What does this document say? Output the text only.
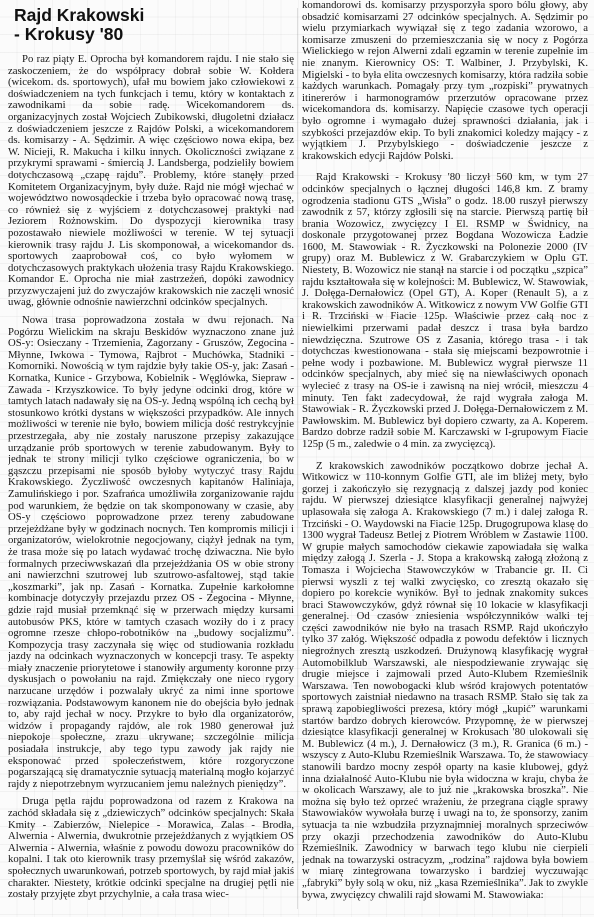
Rajd Krakowski
- Krokusy '80

Po raz piąty E. Oprocha był komandorem rajdu. I nie stało się zaskoczeniem, że do współpracy dobrał sobie W. Kołdera (wicekom. ds. sportowych), ufał mu bowiem jako człowiekowi z doświadczeniem na tych funkcjach i temu, który w kontaktach z zawodnikami da sobie radę. Wicekomandorem ds. organizacyjnych został Wojciech Zubikowski, długoletni działacz z doświadczeniem jeszcze z Rajdów Polski, a wicekomandorem ds. komisarzy - A. Sędzimir. A więc częściowo nowa ekipa, bez W. Nicieji, R. Makucha i kilku innych. Okoliczności związane z przykrymi sprawami - śmiercią J. Landsberga, podzieliły bowiem dotychczasową „czapę rajdu”. Problemy, które stanęły przed Komitetem Organizacyjnym, były duże. Rajd nie mógł wjechać w województwo nowosądeckie i trzeba było opracować nową trasę, co również się z wyjściem z dotychczasowej praktyki nad Jeziorem Rożnowskim. Do dyspozycji kierownika trasy pozostawało niewiele możliwości w terenie. W tej sytuacji kierownik trasy rajdu J. Lis skomponował, a wicekomandor ds. sportowych zaaprobował coś, co było wyłomem w dotychczasowych praktykach ułożenia trasy Rajdu Krakowskiego. Komandor E. Oprocha nie miał zastrzeżeń, dopóki zawodnicy przyzwyczajeni już do zwyczajów krakowskich nie zaczęli wnosić uwag, głównie odnośnie nawierzchni odcinków specjalnych.

Nowa trasa poprowadzona została w dwu rejonach. Na Pogórzu Wielickim na skraju Beskidów wyznaczono znane już OS-y: Osieczany - Trzemienia, Zagorzany - Gruszów, Zegocina - Młynne, Iwkowa - Tymowa, Rajbrot - Muchówka, Stadniki - Komorniki. Nowością w tym rajdzie były takie OS-y, jak: Zasań - Kornatka, Kunice - Grzybowa, Kobielnik - Węglówka, Siepraw - Zawada - Krzyszkowice. To były jedyne odcinki drog, które w tamtych latach nadawały się na OS-y. Jedną wspólną ich cechą był stosunkowo krótki dystans w większości przypadków. Ale innych możliwości w terenie nie było, bowiem milicja dość restrykcyjnie przestrzegała, aby nie zostały naruszone przepisy zakazujące urządzanie prób sportowych w terenie zabudowanym. Były to jednak te strony milicji tylko częściowe ograniczenia, bo w gąszczu przepisami nie sposób byłoby wytyczyć trasy Rajdu Krakowskiego. Życzliwość owczesnych kapitanów Haliniaja, Zamulińskiego i por. Szafrańca umożliwiła zorganizowanie rajdu pod warunkiem, że będzie on tak skomponowany w czasie, aby OS-y częściowo poprowadzone przez tereny zabudowane przejeżdżane były w godzinach nocnych. Ten kompromis milicji i organizatorów, wielokrotnie negocjowany, ciążył jednak na tym, że trasa może się po latach wydawać trochę dziwaczna. Nie było formalnych przeciwwskazań dla przejeżdżania OS w obie strony ani nawierzchni szutrowej lub szutrowo-asfaltowej, stąd takie „koszmarki”, jak np. Zasań - Kornatka. Zupełnie karkołomne kombinacje dotyczyły przejazdu przez OS - Zegocina - Młynne, gdzie rajd musiał przemknąć się w przerwach między kursami autobusów PKS, które w tamtych czasach woziły do i z pracy ogromne rzesze chłopo-robotników na „budowy socjalizmu”. Kompozycja trasy zaczynała się więc od studiowania rozkładu jazdy na odcinkach wyznaczonych w koncepcji trasy. Te aspekty miały znaczenie priorytetowe i stanowiły argumenty koronne przy dyskusjach o powołaniu na rajd. Zmiękczały one nieco rygory narzucane urzędów i pozwalały ukryć za nimi inne sportowe rozwiązania. Podstawowym kanonem nie do obejścia było jednak to, aby rajd jechał w nocy. Przykre to było dla organizatorów, widzów i propagandy rajdów, ale rok 1980 generował już niepokoje społeczne, zrazu ukrywane; szczególnie milicja posiadała instrukcje, aby tego typu zawody jak rajdy nie eksponować przed społeczeństwem, które rozgoryczone pogarszającą się dramatycznie sytuacją materialną mogło kojarzyć rajdy z niepotrzebnym wyrzucaniem jemu należnych pieniędzy”.

Druga pętla rajdu poprowadzona od razem z Krakowa na zachód składała się z „dziewiczych” odcinków specjalnych: Skała Kmity - Zabierzów, Nielepice - Morawica, Zalas - Brodła, Alwernia - Alwernia, dwukrotnie przejeżdżanych z wyjątkiem OS Alwernia - Alwernia, właśnie z powodu dowozu pracowników do kopalni. I tak oto kierownik trasy przemyślał się wśród zakazów, społecznych uwarunkowań, potrzeb sportowych, by rajd miał jakiś charakter. Niestety, krótkie odcinki specjalne na drugiej pętli nie zostały przyjęte zbyt przychylnie, a cała trasa wiec-

komandorowi ds. komisarzy przysporzyła sporo bólu głowy, aby obsadzić komisarzami 27 odcinków specjalnych. A. Sędzimir po wielu przymiarkach wywiązał się z tego zadania wzorowo, a komisarze zmuszeni do przemieszczania się w nocy z Pogórza Wielickiego w rejon Alwerni zdali egzamin w terenie zupełnie im nie znanym. Kierownicy OS: T. Walbiner, J. Przybylski, K. Migielski - to była elita owczesnych komisarzy, która radziła sobie każdych warunkach. Pomagały przy tym „rozpiski” prywatnych itinererów i harmonogramów przerzutów opracowane przez wicekomandora ds. komisarzy. Napięcie czasowe tych operacji było ogromne i wymagało dużej sprawności działania, jak i szybkości przejazdów ekip. To byli znakomici koledzy mający - z wyjątkiem J. Przybylskiego - doświadczenie jeszcze z krakowskich edycji Rajdów Polski.

Rajd Krakowski - Krokusy '80 liczył 560 km, w tym 27 odcinków specjalnych o łącznej długości 146,8 km. Z bramy ogrodzenia stadionu GTS „Wisła” o godz. 18.00 ruszył pierwszy zawodnik z 57, którzy zgłosili się na starcie. Pierwszą partię bił brania Wozowicz, zwycięzcy I El. RSMP w Świdnicy, na doskonale przygotowanej przez Bogdana Wozowicza Ładzie 1600, M. Stawowiak - R. Życzkowski na Polonezie 2000 (IV grupy) oraz M. Bublewicz z W. Grabarczykiem w Oplu GT. Niestety, B. Wozowicz nie stanął na starcie i od początku „szpica” rajdu kształtowała się w kolejności: M. Bublewicz, W. Stawowiak, J. Dołęga-Dernałowicz (Opel GT), A. Koper (Renault 5), a z krakowskich zawodników A. Witkowicz z nowym VW Golfie GTI i R. Trzciński w Fiacie 125p. Właściwie przez całą noc z niewielkimi przerwami padał deszcz i trasa była bardzo niewdzięczna. Szutrowe OS z Zasania, którego trasa - i tak dotychczas kwestionowana - stała się miejscami bezpowrotnie i pełne wody i pozbawione. M. Bublewicz wygrał pierwsze 11 odcinków specjalnych, aby mieć się na niewłaściwych oponach wylecieć z trasy na OS-ie i zawisną na niej wrócił, mieszczu 4 minuty. Ten fakt zadecydował, że rajd wygrała załoga M. Stawowiak - R. Życzkowski przed J. Dołęga-Dernałowiczem z M. Pawłowskim. M. Bublewicz był dopiero czwarty, za A. Koperem. Bardzo dobrze radził sobie M. Karczawski w I-grupowym Fiacie 125p (5 m., zaledwie o 4 min. za zwycięzcą).

Z krakowskich zawodników początkowo dobrze jechał A. Witkowicz w 110-konnym Golfie GTI, ale im bliżej mety, było gorzej i zakończyło się rezygnacją z dalszej jazdy pod koniec rajdu. W pierwszej dziesiątce klasyfikacji generalnej najwyżej uplasowała się załoga A. Krakowskiego (7 m.) i dalej załoga R. Trzciński - O. Waydowski na Fiacie 125p. Drugogrupowa klasę do 1300 wygrał Tadeusz Betlej z Piotrem Wróblem w Zastawie 1100. W grupie małych samochodów ciekawie zapowiadała się walka między załogą J. Szerla - J. Stopa a krakowską załogą złożoną z Tomasza i Wojciecha Stawowczyków w Trabancie gr. II. Ci pierwsi wyszli z tej walki zwycięsko, co zresztą okazało się dopiero po korekcie wyników. Był to jednak znakomity sukces braci Stawowczyków, gdyż równał się 10 lokacie w klasyfikacji generalnej. Od czasów zniesienia współczynników walki tej części zawodników nie było na trasach RSMP. Rajd ukończyło tylko 37 załóg. Większość odpadła z powodu defektów i licznych niegroźnych zresztą uszkodzeń. Drużynową klasyfikację wygrał Automobilklub Warszawski, ale niespodziewanie zrywając się drugie miejsce i zajmowali przed Auto-Klubem Rzemieślnik Warszawa. Ten nowobogacki klub wśród krajowych potentatów sportowych zaistniał niedawno na trasach RSMP. Stało się tak za sprawą zapobiegliwości prezesa, który mógł „kupić” warunkami startów bardzo dobrych kierowców. Przypomnę, że w pierwszej dziesiątce klasyfikacji generalnej w Krokusach '80 ulokowali się M. Bublewicz (4 m.), J. Dernałowicz (3 m.), R. Granica (6 m.) - wszyscy z Auto-Klubu Rzemieślnik Warszawa. To, że stawowiacy stanowili bardzo mocny zespół oparty na kasie klubowej, gdyż inna działalność Auto-Klubu nie była widoczna w kraju, chyba że w okolicach Warszawy, ale to już nie „krakowska broszka”. Nie można się było też oprzeć wrażeniu, że przegrana ciągle sprawy Stawowiaków wywołała burzę i uwagi na to, że sponsorzy, zanim sytuacja ta nie wzbudziła przyznajmniej moralnych sprzeciwów przy okazji przechodzenia zawodników do Auto-Klubu Rzemieślnik. Zawodnicy w barwach tego klubu nie cierpieli jednak na towarzyski ostracyzm, „rodzina” rajdowa była bowiem w miarę zintegrowana towarzysko i bardziej wyczuwając „fabryki” były solą w oku, niż „kasa Rzemieślnika”. Jak to zwykle bywa, zwycięzcy chwalili rajd słowami M. Stawowiaka:
